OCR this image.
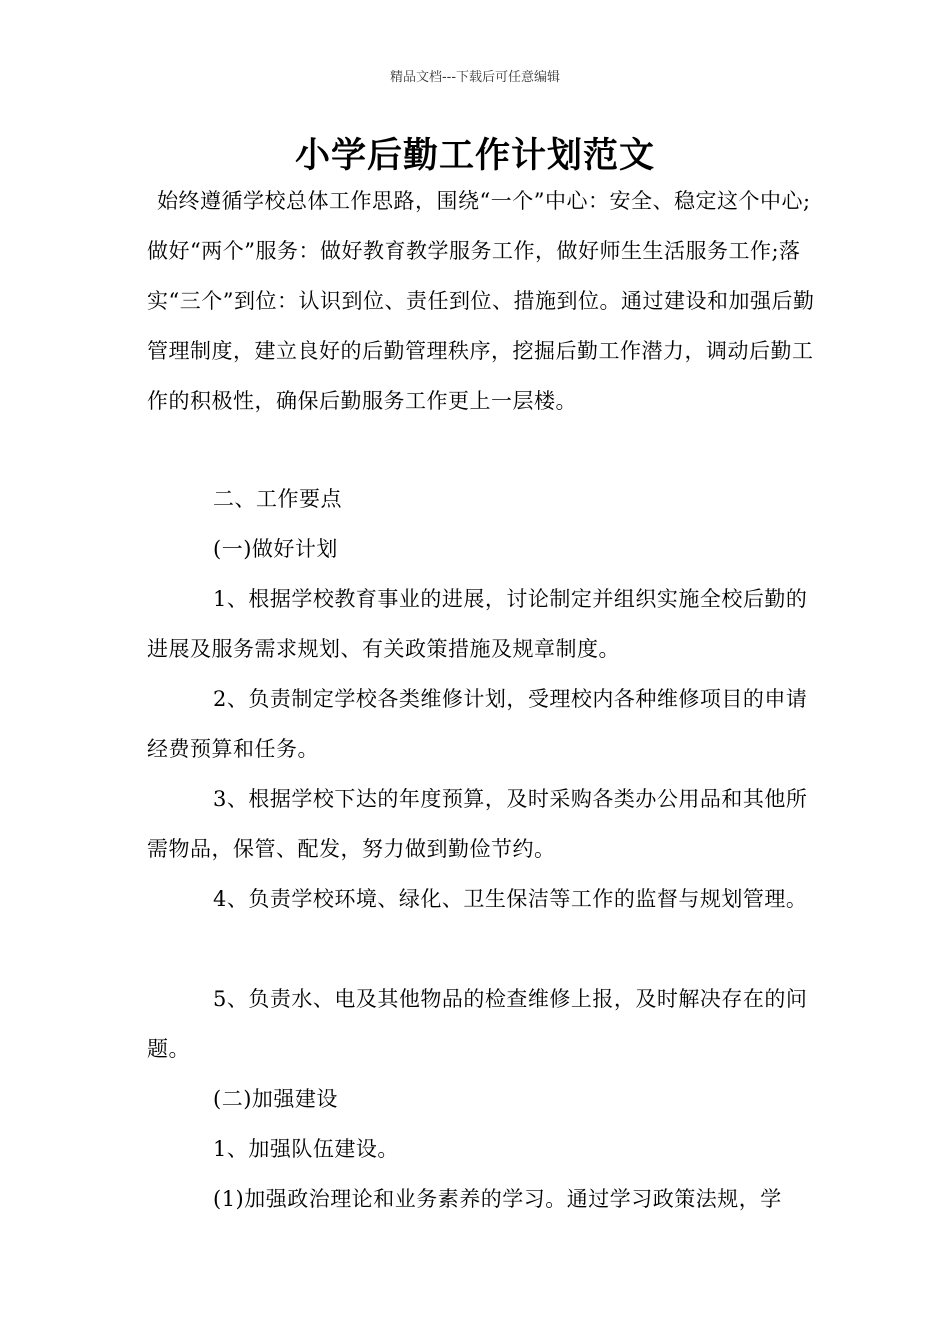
精品文档---下载后可任意编辑
小学后勤工作计划范文

始终遵循学校总体工作思路，围绕“一个”中心：安全、稳定这个中心;做好“两个”服务：做好教育教学服务工作，做好师生生活服务工作;落实“三个”到位：认识到位、责任到位、措施到位。通过建设和加强后勤管理制度，建立良好的后勤管理秩序，挖掘后勤工作潜力，调动后勤工作的积极性，确保后勤服务工作更上一层楼。

二、工作要点

(一)做好计划

1、根据学校教育事业的进展，讨论制定并组织实施全校后勤的进展及服务需求规划、有关政策措施及规章制度。

2、负责制定学校各类维修计划，受理校内各种维修项目的申请经费预算和任务。

3、根据学校下达的年度预算，及时采购各类办公用品和其他所需物品，保管、配发，努力做到勤俭节约。

4、负责学校环境、绿化、卫生保洁等工作的监督与规划管理。

5、负责水、电及其他物品的检查维修上报，及时解决存在的问题。

(二)加强建设

1、加强队伍建设。

(1)加强政治理论和业务素养的学习。通过学习政策法规，学
